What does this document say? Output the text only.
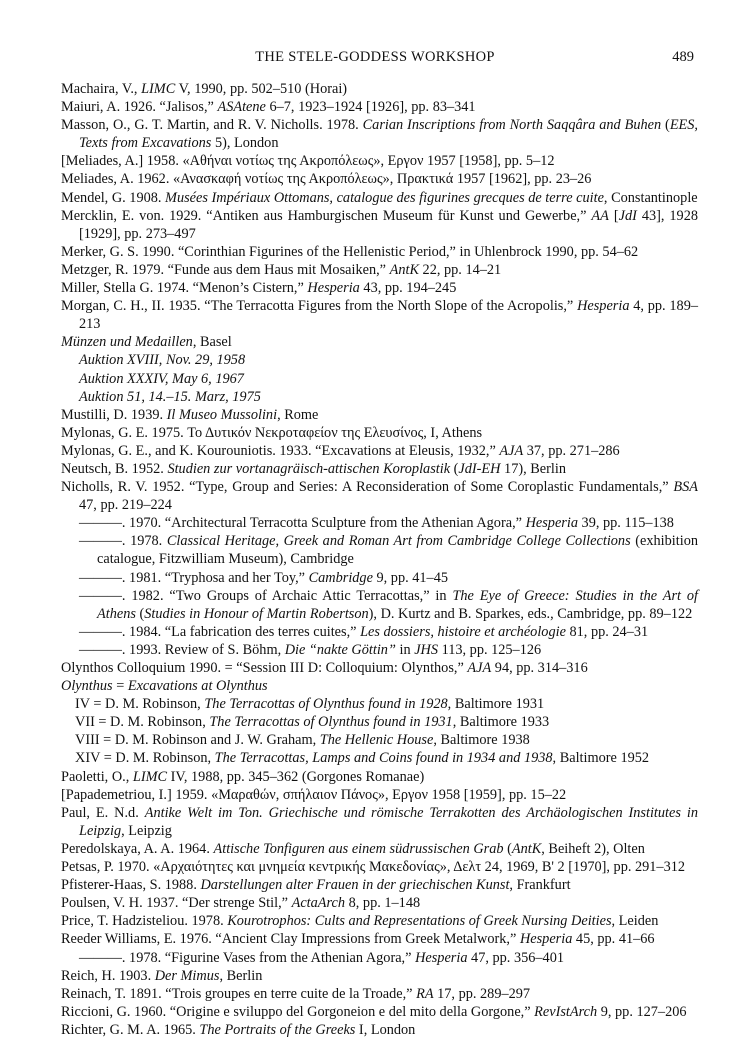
THE STELE-GODDESS WORKSHOP	489
Machaira, V., LIMC V, 1990, pp. 502–510 (Horai)
Maiuri, A. 1926. “Jalisos,” ASAtene 6–7, 1923–1924 [1926], pp. 83–341
Masson, O., G. T. Martin, and R. V. Nicholls. 1978. Carian Inscriptions from North Saqqâra and Buhen (EES, Texts from Excavations 5), London
[Meliades, A.] 1958. «Αθήναι νοτίως της Ακροπόλεως», Εργον 1957 [1958], pp. 5–12
Meliades, A. 1962. «Ανασκαφή νοτίως της Ακροπόλεως», Πρακτικά 1957 [1962], pp. 23–26
Mendel, G. 1908. Musées Impériaux Ottomans, catalogue des figurines grecques de terre cuite, Constantinople
Mercklin, E. von. 1929. “Antiken aus Hamburgischen Museum für Kunst und Gewerbe,” AA [JdI 43], 1928 [1929], pp. 273–497
Merker, G. S. 1990. “Corinthian Figurines of the Hellenistic Period,” in Uhlenbrock 1990, pp. 54–62
Metzger, R. 1979. “Funde aus dem Haus mit Mosaiken,” AntK 22, pp. 14–21
Miller, Stella G. 1974. “Menon’s Cistern,” Hesperia 43, pp. 194–245
Morgan, C. H., II. 1935. “The Terracotta Figures from the North Slope of the Acropolis,” Hesperia 4, pp. 189–213
Münzen und Medaillen, Basel
Auktion XVIII, Nov. 29, 1958
Auktion XXXIV, May 6, 1967
Auktion 51, 14.–15. Marz, 1975
Mustilli, D. 1939. Il Museo Mussolini, Rome
Mylonas, G. E. 1975. Το Δυτικόν Νεκροταφείον της Ελευσίνος, I, Athens
Mylonas, G. E., and K. Kourouniotis. 1933. “Excavations at Eleusis, 1932,” AJA 37, pp. 271–286
Neutsch, B. 1952. Studien zur vortanagräisch-attischen Koroplastik (JdI-EH 17), Berlin
Nicholls, R. V. 1952. “Type, Group and Series: A Reconsideration of Some Coroplastic Fundamentals,” BSA 47, pp. 219–224
———. 1970. “Architectural Terracotta Sculpture from the Athenian Agora,” Hesperia 39, pp. 115–138
———. 1978. Classical Heritage, Greek and Roman Art from Cambridge College Collections (exhibition catalogue, Fitzwilliam Museum), Cambridge
———. 1981. “Tryphosa and her Toy,” Cambridge 9, pp. 41–45
———. 1982. “Two Groups of Archaic Attic Terracottas,” in The Eye of Greece: Studies in the Art of Athens (Studies in Honour of Martin Robertson), D. Kurtz and B. Sparkes, eds., Cambridge, pp. 89–122
———. 1984. “La fabrication des terres cuites,” Les dossiers, histoire et archéologie 81, pp. 24–31
———. 1993. Review of S. Böhm, Die “nakte Göttin” in JHS 113, pp. 125–126
Olynthos Colloquium 1990. = “Session III D: Colloquium: Olynthos,” AJA 94, pp. 314–316
Olynthus = Excavations at Olynthus
IV = D. M. Robinson, The Terracottas of Olynthus found in 1928, Baltimore 1931
VII = D. M. Robinson, The Terracottas of Olynthus found in 1931, Baltimore 1933
VIII = D. M. Robinson and J. W. Graham, The Hellenic House, Baltimore 1938
XIV = D. M. Robinson, The Terracottas, Lamps and Coins found in 1934 and 1938, Baltimore 1952
Paoletti, O., LIMC IV, 1988, pp. 345–362 (Gorgones Romanae)
[Papademetriou, I.] 1959. «Μαραθών, σπήλαιον Πάνος», Εργον 1958 [1959], pp. 15–22
Paul, E. N.d. Antike Welt im Ton. Griechische und römische Terrakotten des Archäologischen Institutes in Leipzig, Leipzig
Peredolskaya, A. A. 1964. Attische Tonfiguren aus einem südrussischen Grab (AntK, Beiheft 2), Olten
Petsas, P. 1970. «Αρχαιότητες και μνημεία κεντρικής Μακεδονίας», Δελτ 24, 1969, Β' 2 [1970], pp. 291–312
Pfisterer-Haas, S. 1988. Darstellungen alter Frauen in der griechischen Kunst, Frankfurt
Poulsen, V. H. 1937. “Der strenge Stil,” ActaArch 8, pp. 1–148
Price, T. Hadzisteliou. 1978. Kourotrophos: Cults and Representations of Greek Nursing Deities, Leiden
Reeder Williams, E. 1976. “Ancient Clay Impressions from Greek Metalwork,” Hesperia 45, pp. 41–66
———. 1978. “Figurine Vases from the Athenian Agora,” Hesperia 47, pp. 356–401
Reich, H. 1903. Der Mimus, Berlin
Reinach, T. 1891. “Trois groupes en terre cuite de la Troade,” RA 17, pp. 289–297
Riccioni, G. 1960. “Origine e sviluppo del Gorgoneion e del mito della Gorgone,” RevIstArch 9, pp. 127–206
Richter, G. M. A. 1965. The Portraits of the Greeks I, London
